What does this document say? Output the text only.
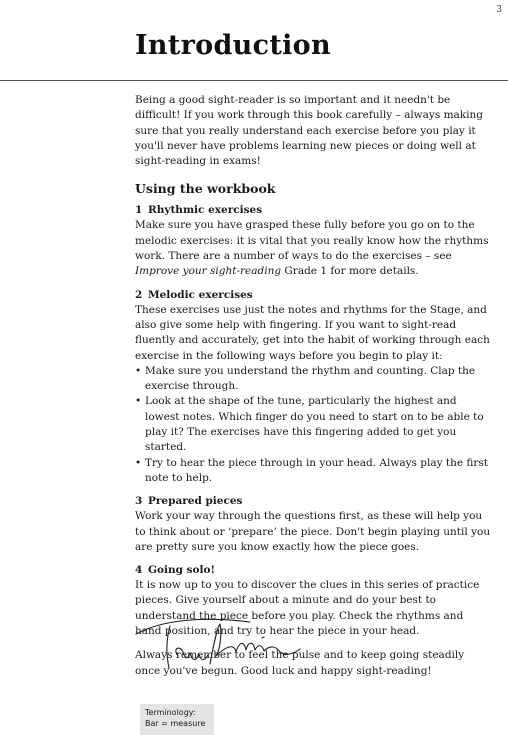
3
Introduction

Being a good sight-reader is so important and it needn't be difficult! If you work through this book carefully – always making sure that you really understand each exercise before you play it you'll never have problems learning new pieces or doing well at sight-reading in exams!

Using the workbook
1 Rhythmic exercises

Make sure you have grasped these fully before you go on to the melodic exercises: it is vital that you really know how the rhythms work. There are a number of ways to do the exercises – see Improve your sight-reading Grade 1 for more details.

2 Melodic exercises

These exercises use just the notes and rhythms for the Stage, and also give some help with fingering. If you want to sight-read fluently and accurately, get into the habit of working through each exercise in the following ways before you begin to play it:

• Make sure you understand the rhythm and counting. Clap the exercise through.
• Look at the shape of the tune, particularly the highest and lowest notes. Which finger do you need to start on to be able to play it? The exercises have this fingering added to get you started.
• Try to hear the piece through in your head. Always play the first note to help.
3 Prepared pieces

Work your way through the questions first, as these will help you to think about or ‘prepare’ the piece. Don't begin playing until you are pretty sure you know exactly how the piece goes.

4 Going solo!

It is now up to you to discover the clues in this series of practice pieces. Give yourself about a minute and do your best to understand the piece before you play. Check the rhythms and hand position, and try to hear the piece in your head.

Always remember to feel the pulse and to keep going steadily once you've begun. Good luck and happy sight-reading!

Terminology:
Bar = measure
